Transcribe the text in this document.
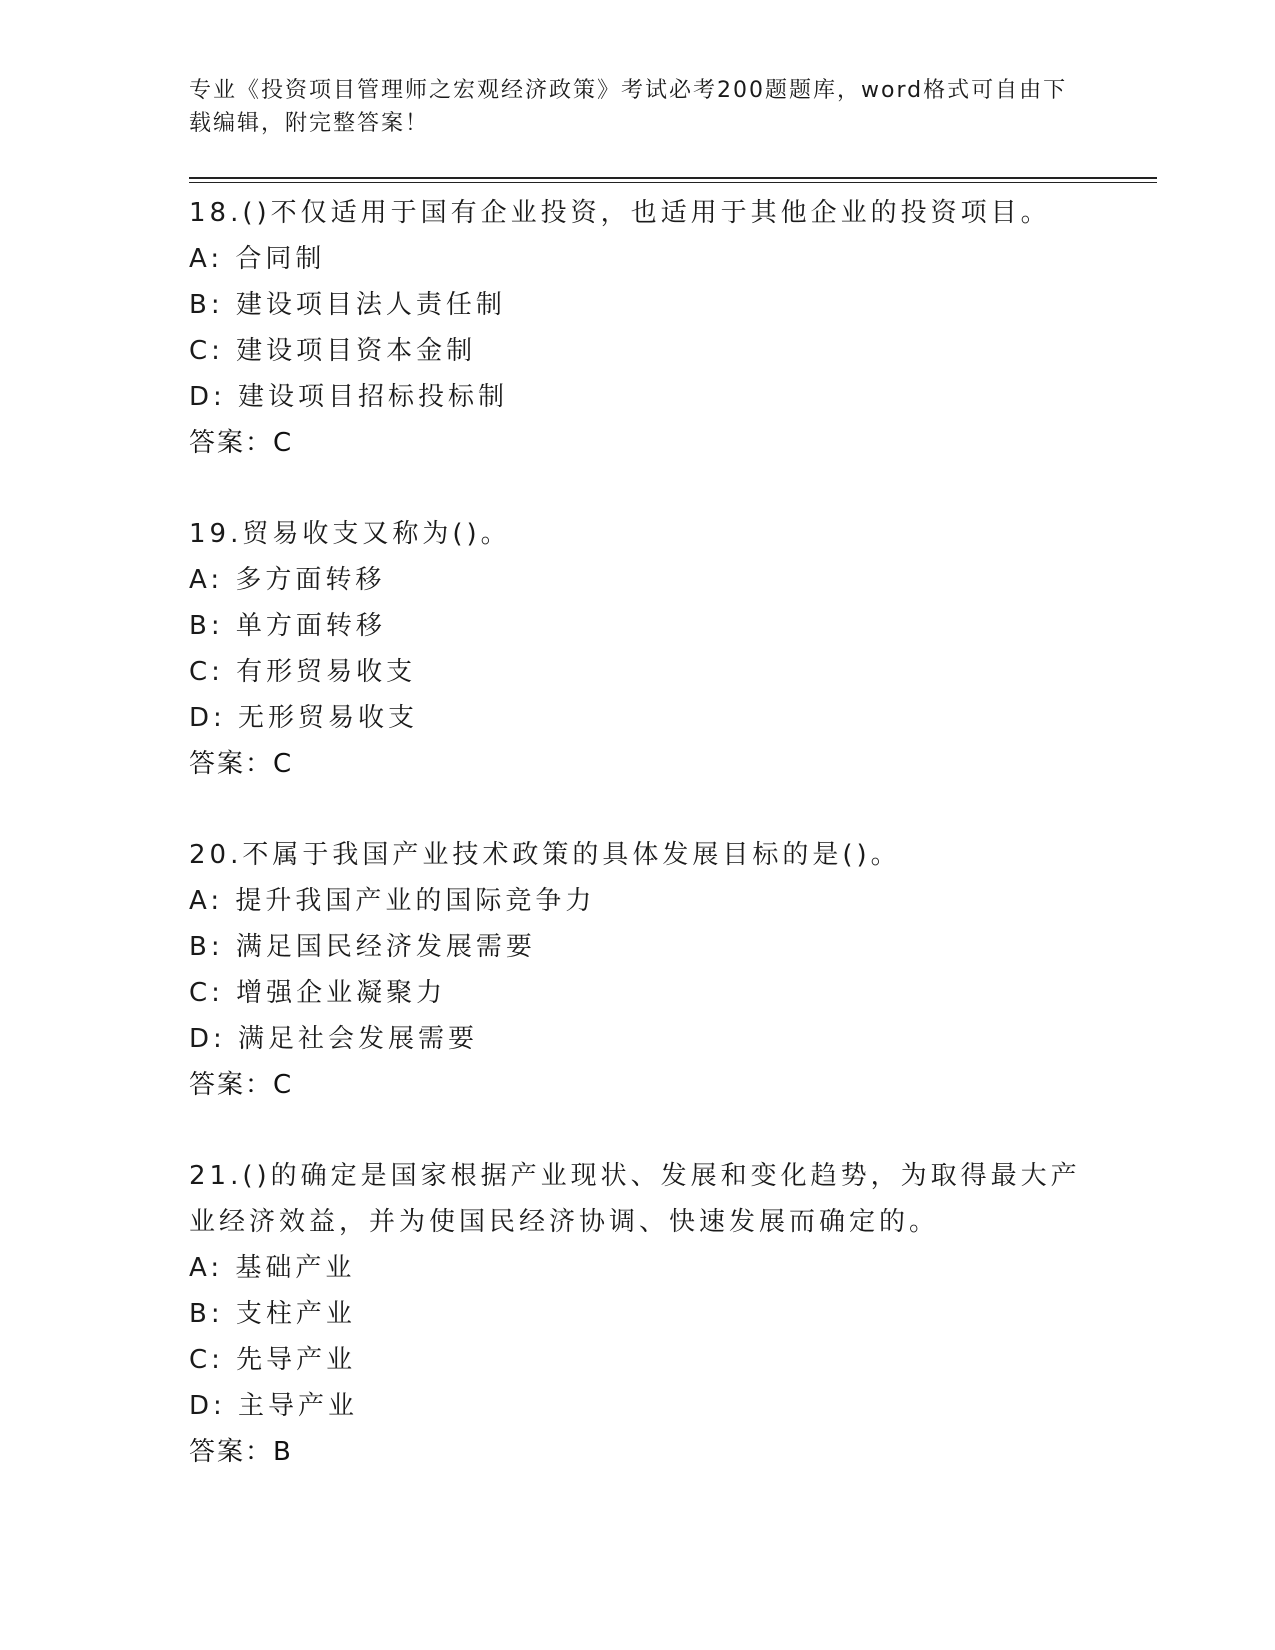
专业《投资项目管理师之宏观经济政策》考试必考200题题库，word格式可自由下载编辑，附完整答案！
18.()不仅适用于国有企业投资，也适用于其他企业的投资项目。
A: 合同制
B: 建设项目法人责任制
C: 建设项目资本金制
D: 建设项目招标投标制
答案：C
19.贸易收支又称为()。
A: 多方面转移
B: 单方面转移
C: 有形贸易收支
D: 无形贸易收支
答案：C
20.不属于我国产业技术政策的具体发展目标的是()。
A: 提升我国产业的国际竞争力
B: 满足国民经济发展需要
C: 增强企业凝聚力
D: 满足社会发展需要
答案：C
21.()的确定是国家根据产业现状、发展和变化趋势，为取得最大产业经济效益，并为使国民经济协调、快速发展而确定的。
A: 基础产业
B: 支柱产业
C: 先导产业
D: 主导产业
答案：B
